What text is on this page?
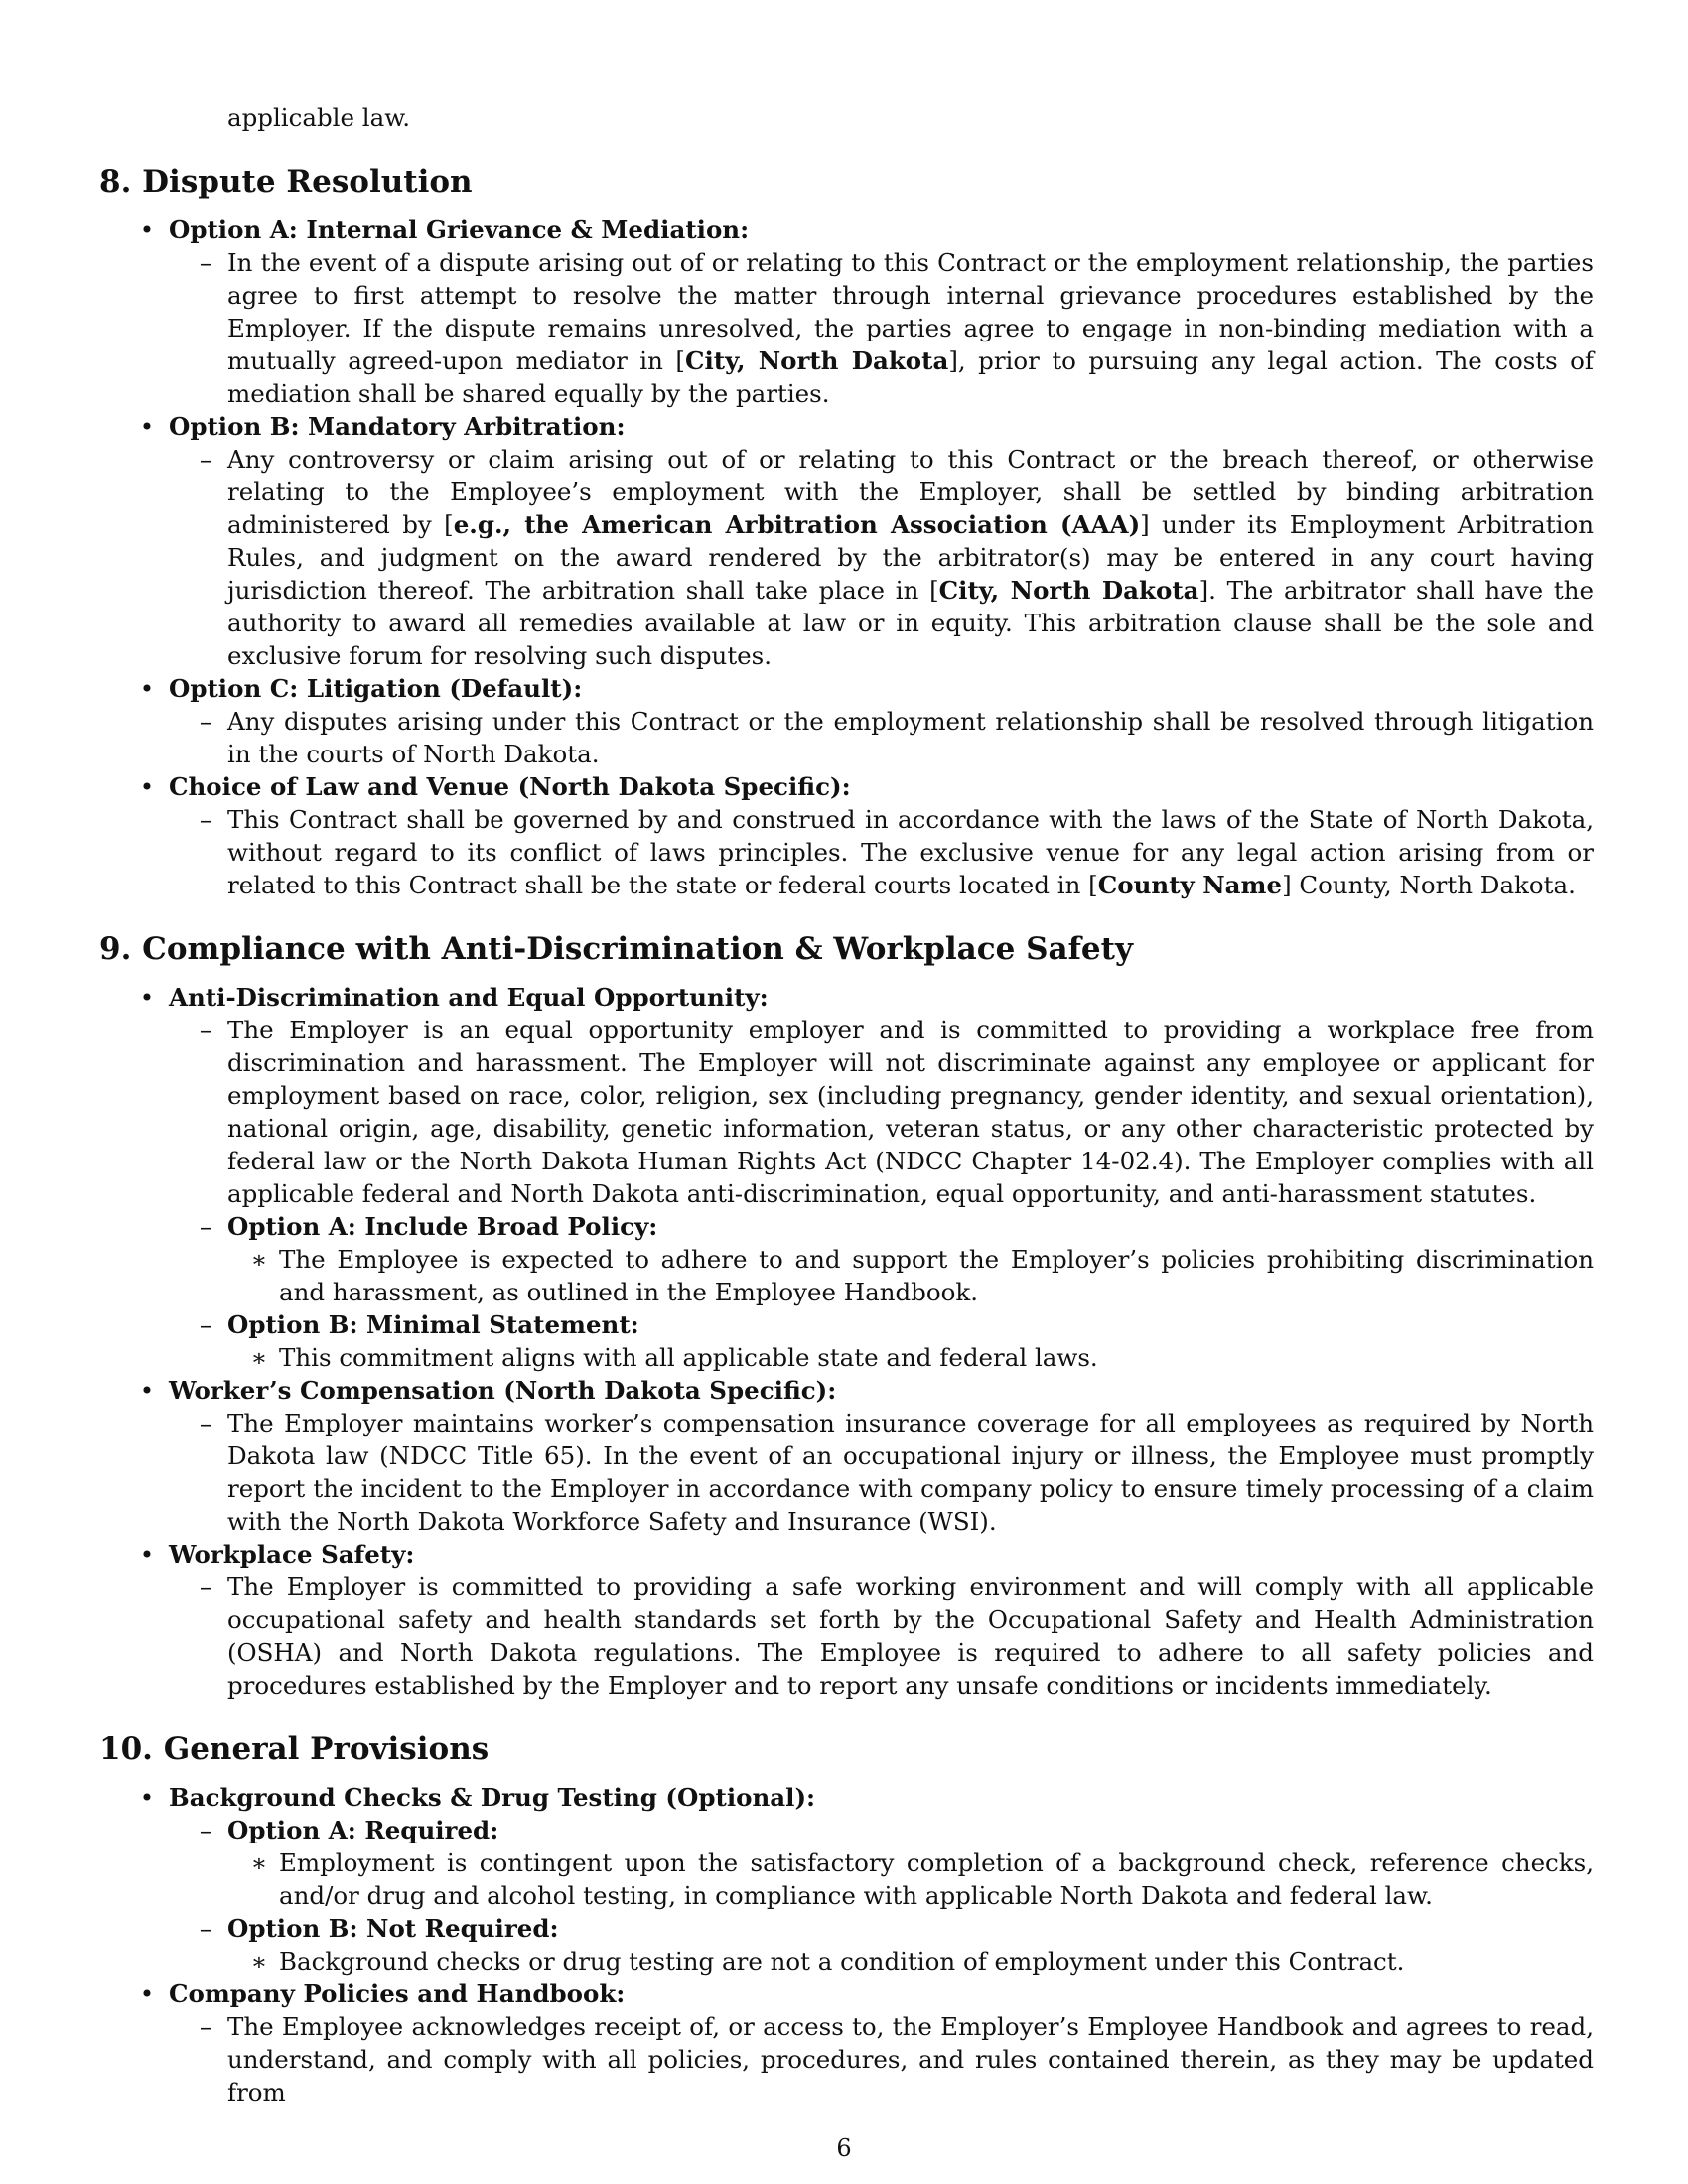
applicable law.
8. Dispute Resolution
• Option A: Internal Grievance & Mediation:
– In the event of a dispute arising out of or relating to this Contract or the employment relationship, the parties agree to first attempt to resolve the matter through internal grievance procedures established by the Employer. If the dispute remains unresolved, the parties agree to engage in non-binding mediation with a mutually agreed-upon mediator in [City, North Dakota], prior to pursuing any legal action. The costs of mediation shall be shared equally by the parties.
• Option B: Mandatory Arbitration:
– Any controversy or claim arising out of or relating to this Contract or the breach thereof, or otherwise relating to the Employee’s employment with the Employer, shall be settled by binding arbitration administered by [e.g., the American Arbitration Association (AAA)] under its Employment Arbitration Rules, and judgment on the award rendered by the arbitrator(s) may be entered in any court having jurisdiction thereof. The arbitration shall take place in [City, North Dakota]. The arbitrator shall have the authority to award all remedies available at law or in equity. This arbitration clause shall be the sole and exclusive forum for resolving such disputes.
• Option C: Litigation (Default):
– Any disputes arising under this Contract or the employment relationship shall be resolved through litigation in the courts of North Dakota.
• Choice of Law and Venue (North Dakota Specific):
– This Contract shall be governed by and construed in accordance with the laws of the State of North Dakota, without regard to its conflict of laws principles. The exclusive venue for any legal action arising from or related to this Contract shall be the state or federal courts located in [County Name] County, North Dakota.
9. Compliance with Anti-Discrimination & Workplace Safety
• Anti-Discrimination and Equal Opportunity:
– The Employer is an equal opportunity employer and is committed to providing a workplace free from discrimination and harassment. The Employer will not discriminate against any employee or applicant for employment based on race, color, religion, sex (including pregnancy, gender identity, and sexual orientation), national origin, age, disability, genetic information, veteran status, or any other characteristic protected by federal law or the North Dakota Human Rights Act (NDCC Chapter 14-02.4). The Employer complies with all applicable federal and North Dakota anti-discrimination, equal opportunity, and anti-harassment statutes.
– Option A: Include Broad Policy:
∗ The Employee is expected to adhere to and support the Employer’s policies prohibiting discrimination and harassment, as outlined in the Employee Handbook.
– Option B: Minimal Statement:
∗ This commitment aligns with all applicable state and federal laws.
• Worker’s Compensation (North Dakota Specific):
– The Employer maintains worker’s compensation insurance coverage for all employees as required by North Dakota law (NDCC Title 65). In the event of an occupational injury or illness, the Employee must promptly report the incident to the Employer in accordance with company policy to ensure timely processing of a claim with the North Dakota Workforce Safety and Insurance (WSI).
• Workplace Safety:
– The Employer is committed to providing a safe working environment and will comply with all applicable occupational safety and health standards set forth by the Occupational Safety and Health Administration (OSHA) and North Dakota regulations. The Employee is required to adhere to all safety policies and procedures established by the Employer and to report any unsafe conditions or incidents immediately.
10. General Provisions
• Background Checks & Drug Testing (Optional):
– Option A: Required:
∗ Employment is contingent upon the satisfactory completion of a background check, reference checks, and/or drug and alcohol testing, in compliance with applicable North Dakota and federal law.
– Option B: Not Required:
∗ Background checks or drug testing are not a condition of employment under this Contract.
• Company Policies and Handbook:
– The Employee acknowledges receipt of, or access to, the Employer’s Employee Handbook and agrees to read, understand, and comply with all policies, procedures, and rules contained therein, as they may be updated from
6
